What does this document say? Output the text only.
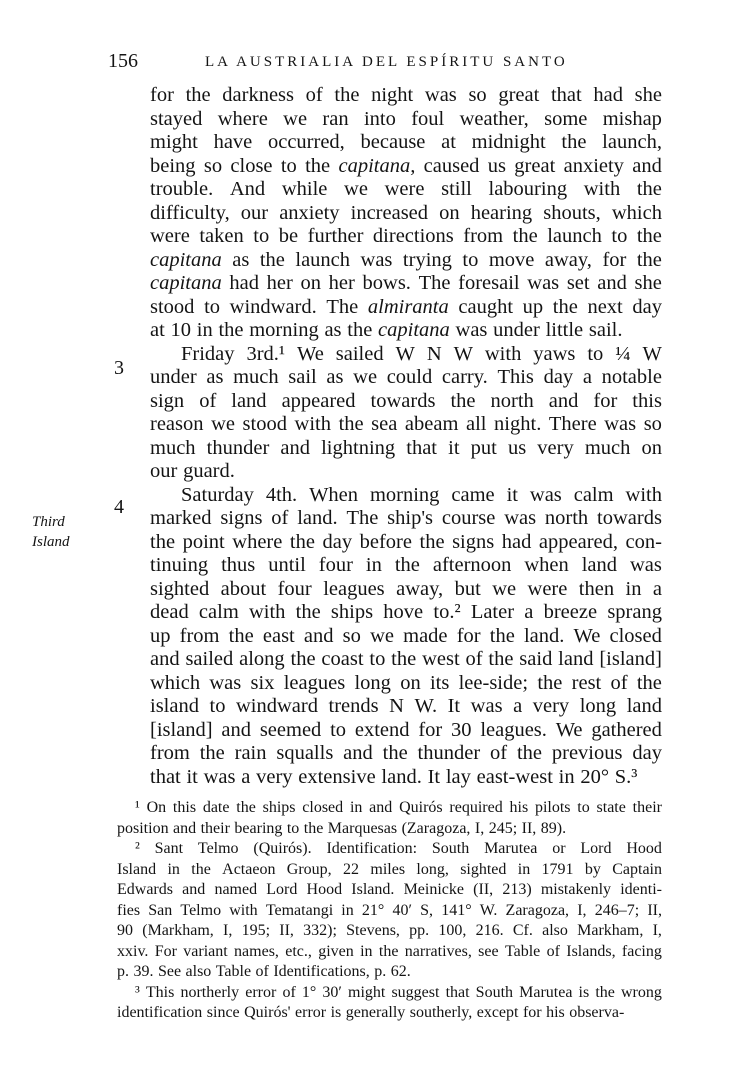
156	LA AUSTRIALIA DEL ESPÍRITU SANTO
3
4
Third
Island
for the darkness of the night was so great that had she
stayed where we ran into foul weather, some mishap
might have occurred, because at midnight the launch,
being so close to the capitana, caused us great anxiety and
trouble. And while we were still labouring with the
difficulty, our anxiety increased on hearing shouts, which
were taken to be further directions from the launch to the
capitana as the launch was trying to move away, for the
capitana had her on her bows. The foresail was set and she
stood to windward. The almiranta caught up the next day
at 10 in the morning as the capitana was under little sail.
Friday 3rd.¹ We sailed W N W with yaws to ¼ W
under as much sail as we could carry. This day a notable
sign of land appeared towards the north and for this
reason we stood with the sea abeam all night. There was so
much thunder and lightning that it put us very much on
our guard.
Saturday 4th. When morning came it was calm with
marked signs of land. The ship's course was north towards
the point where the day before the signs had appeared, con-
tinuing thus until four in the afternoon when land was
sighted about four leagues away, but we were then in a
dead calm with the ships hove to.² Later a breeze sprang
up from the east and so we made for the land. We closed
and sailed along the coast to the west of the said land [island]
which was six leagues long on its lee-side; the rest of the
island to windward trends N W. It was a very long land
[island] and seemed to extend for 30 leagues. We gathered
from the rain squalls and the thunder of the previous day
that it was a very extensive land. It lay east-west in 20° S.³
¹ On this date the ships closed in and Quirós required his pilots to state their
position and their bearing to the Marquesas (Zaragoza, I, 245; II, 89).
² Sant Telmo (Quirós). Identification: South Marutea or Lord Hood
Island in the Actaeon Group, 22 miles long, sighted in 1791 by Captain
Edwards and named Lord Hood Island. Meinicke (II, 213) mistakenly identi-
fies San Telmo with Tematangi in 21° 40′ S, 141° W. Zaragoza, I, 246–7; II,
90 (Markham, I, 195; II, 332); Stevens, pp. 100, 216. Cf. also Markham, I,
xxiv. For variant names, etc., given in the narratives, see Table of Islands, facing
p. 39. See also Table of Identifications, p. 62.
³ This northerly error of 1° 30′ might suggest that South Marutea is the wrong
identification since Quirós' error is generally southerly, except for his observa-
